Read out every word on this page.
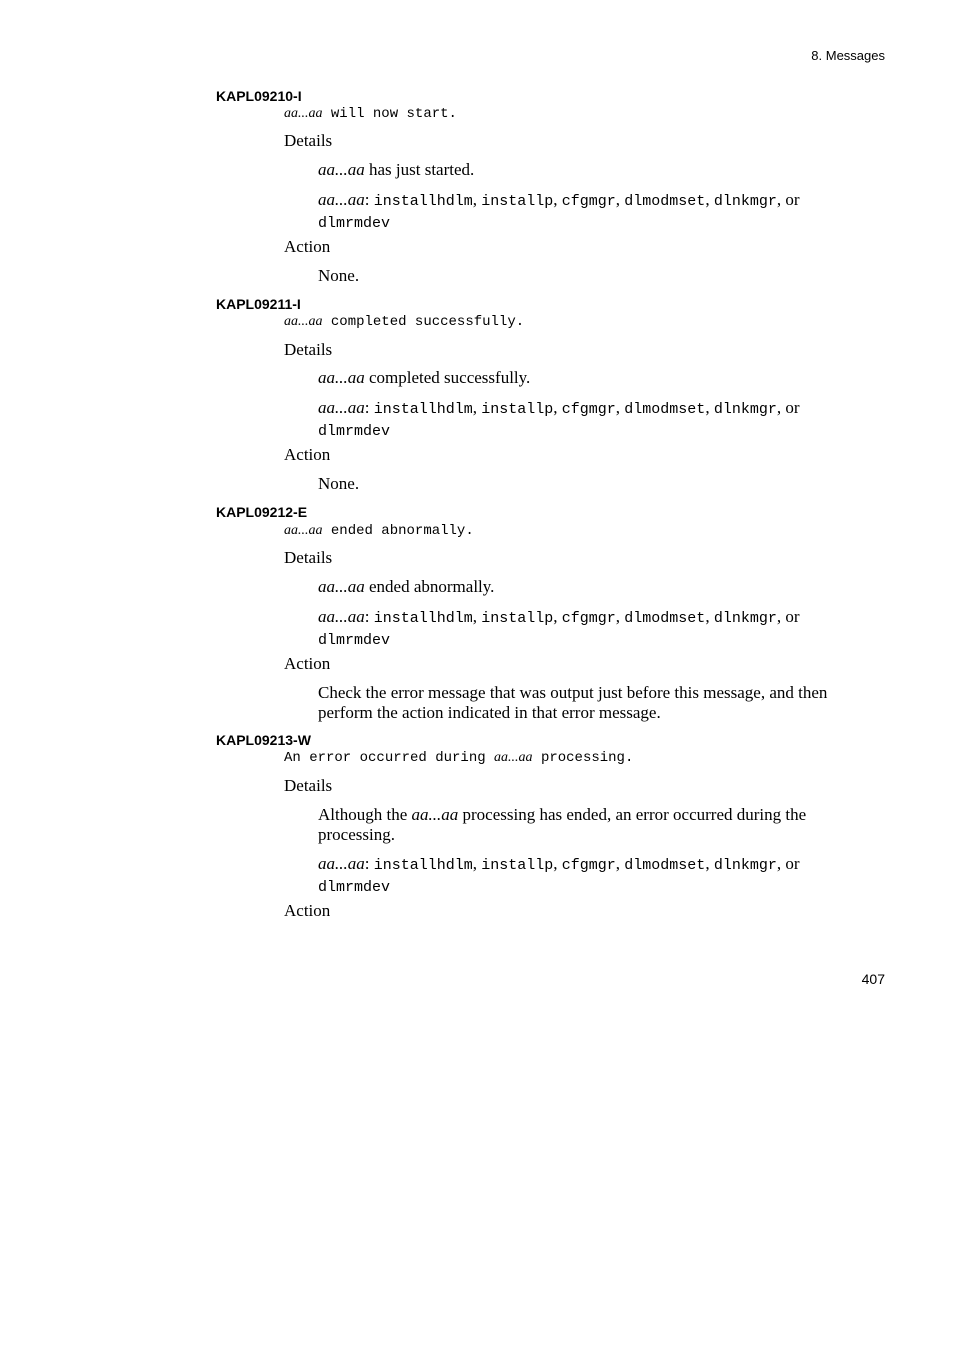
8. Messages
KAPL09210-I
aa...aa will now start.
Details
aa...aa has just started.
aa...aa: installhdlm, installp, cfgmgr, dlmodmset, dlnkmgr, or
dlmrmdev
Action
None.
KAPL09211-I
aa...aa completed successfully.
Details
aa...aa completed successfully.
aa...aa: installhdlm, installp, cfgmgr, dlmodmset, dlnkmgr, or
dlmrmdev
Action
None.
KAPL09212-E
aa...aa ended abnormally.
Details
aa...aa ended abnormally.
aa...aa: installhdlm, installp, cfgmgr, dlmodmset, dlnkmgr, or
dlmrmdev
Action
Check the error message that was output just before this message, and then
perform the action indicated in that error message.
KAPL09213-W
An error occurred during aa...aa processing.
Details
Although the aa...aa processing has ended, an error occurred during the
processing.
aa...aa: installhdlm, installp, cfgmgr, dlmodmset, dlnkmgr, or
dlmrmdev
Action
407
